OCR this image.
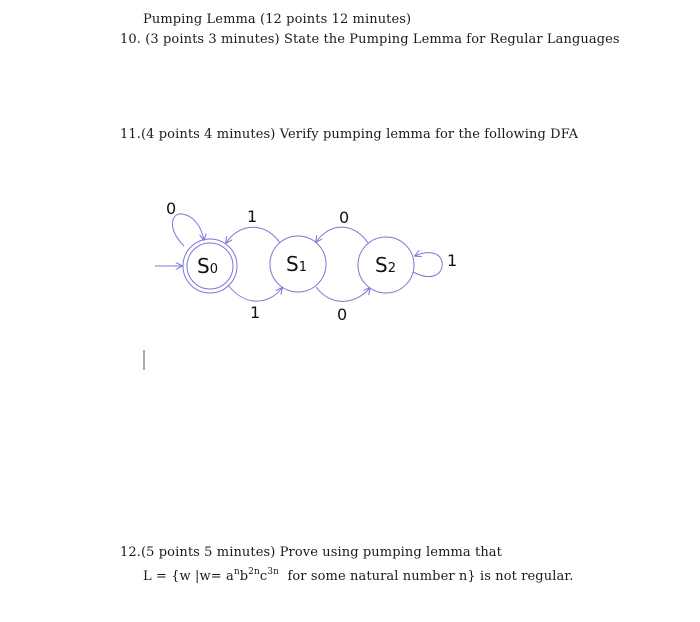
Pumping Lemma (12 points 12 minutes)
10. (3 points 3 minutes) State the Pumping Lemma for Regular Languages
11.(4 points 4 minutes) Verify pumping lemma for the following DFA
S0	S1	S2
0	1
1
0
0
1
12.(5 points 5 minutes) Prove using pumping lemma that
L = {w $|w= a^nb^{2n}c^{3n}$  for some natural number n} is not regular.
